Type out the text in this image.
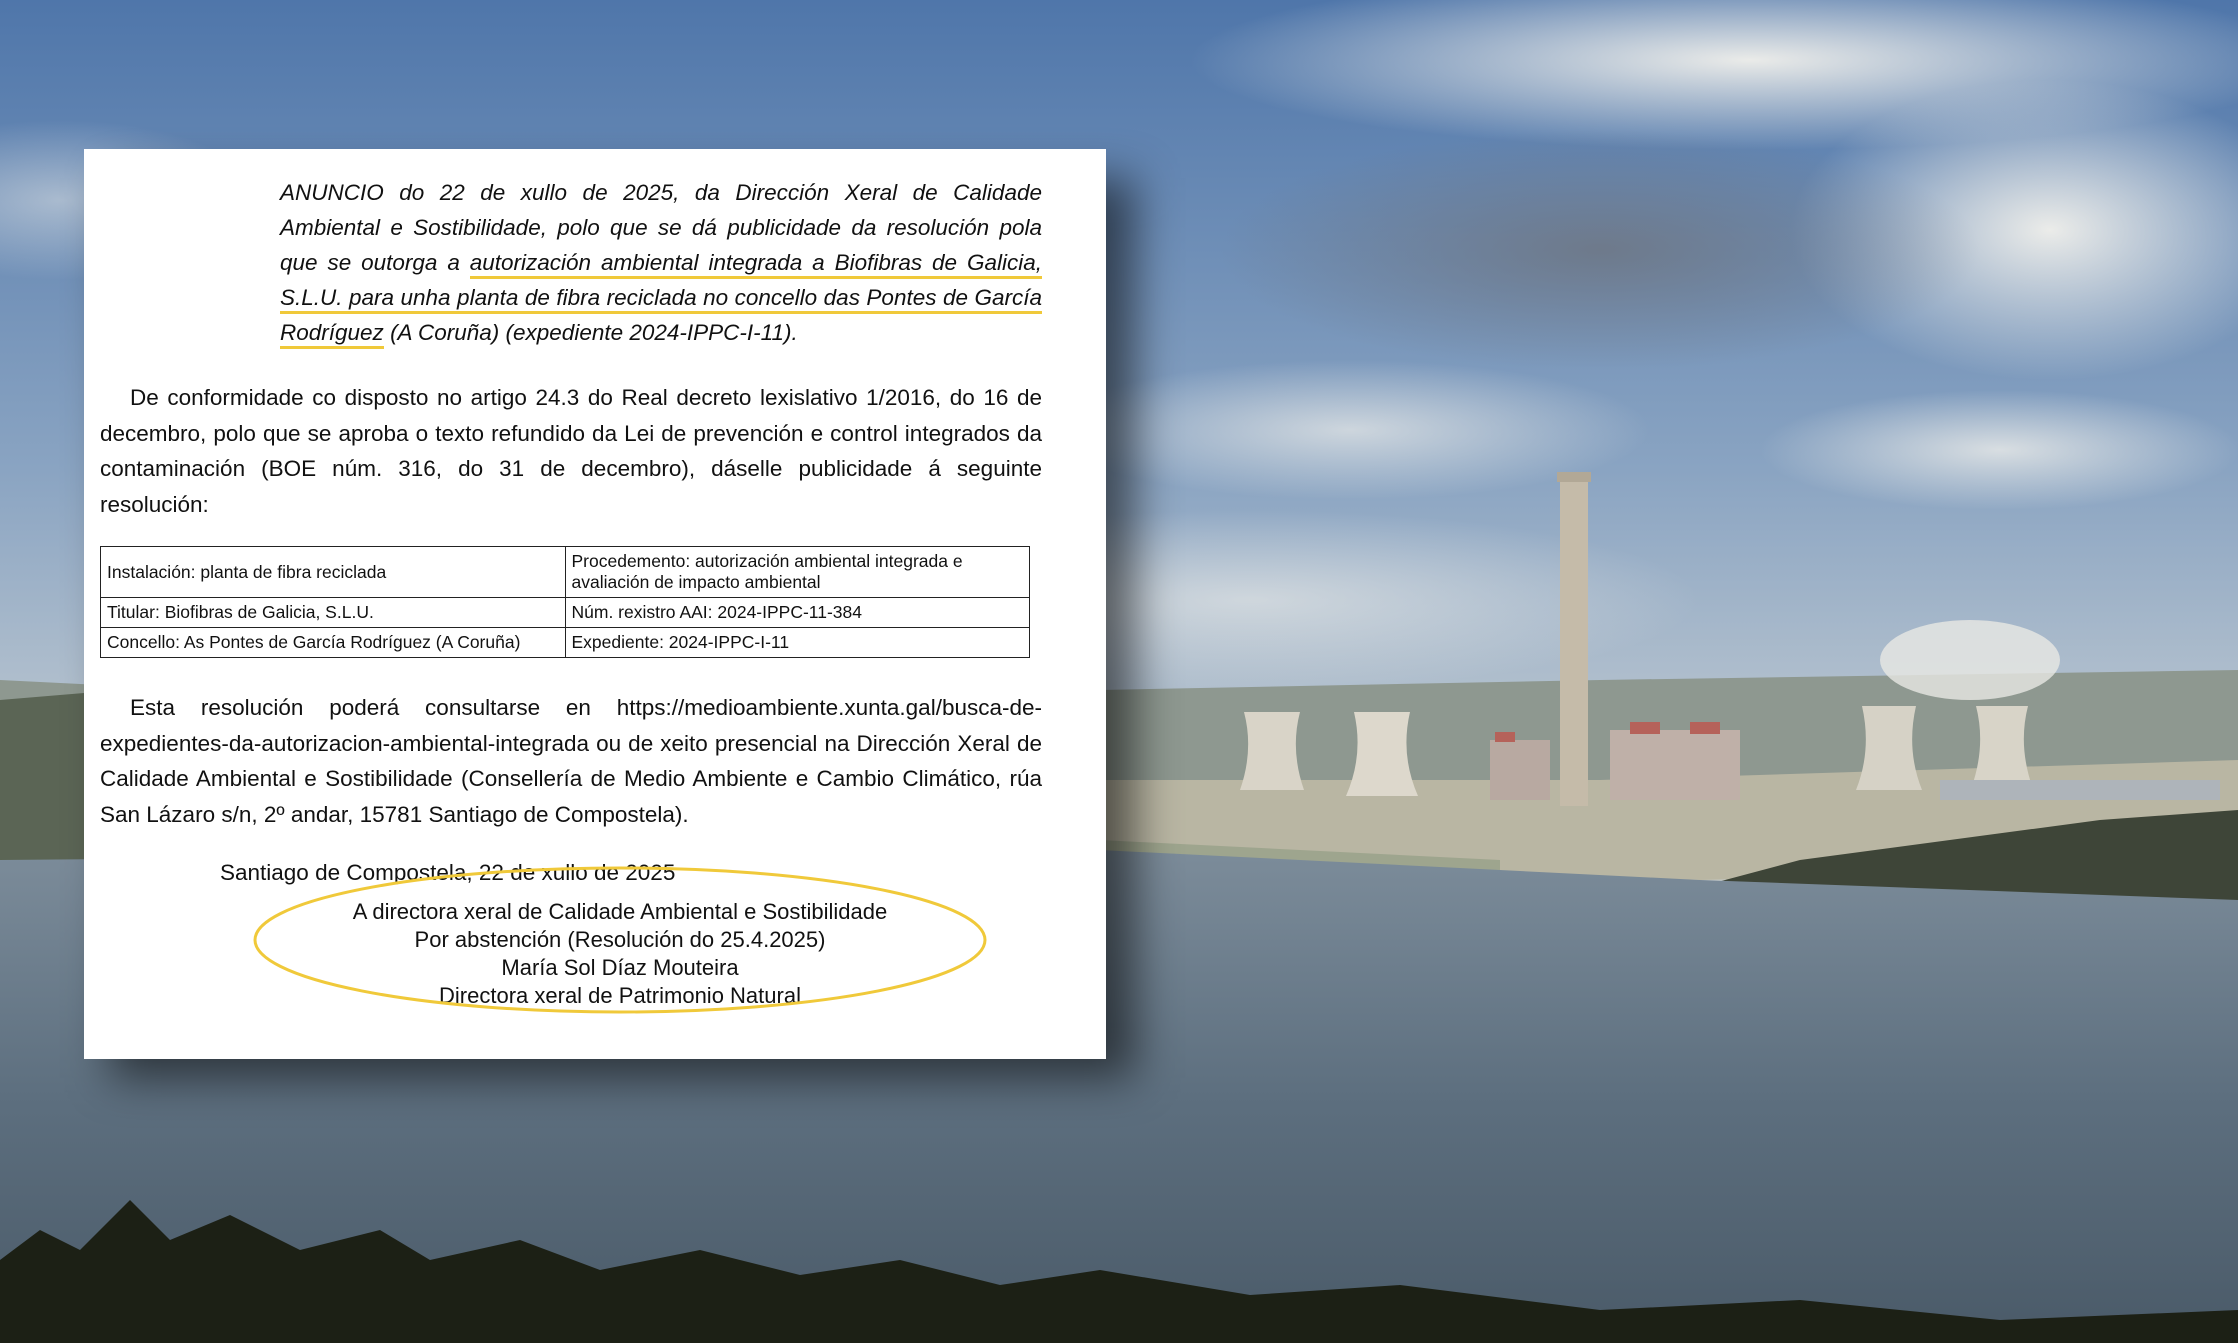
ANUNCIO do 22 de xullo de 2025, da Dirección Xeral de Calidade Ambiental e Sostibilidade, polo que se dá publicidade da resolución pola que se outorga a autorización ambiental integrada a Biofibras de Galicia, S.L.U. para unha planta de fibra reciclada no concello das Pontes de García Rodríguez (A Coruña) (expediente 2024-IPPC-I-11).

De conformidade co disposto no artigo 24.3 do Real decreto lexislativo 1/2016, do 16 de decembro, polo que se aproba o texto refundido da Lei de prevención e control integrados da contaminación (BOE núm. 316, do 31 de decembro), dáselle publicidade á seguinte resolución:

Instalación: planta de fibra reciclada	Procedemento: autorización ambiental integrada e avaliación de impacto ambiental
Titular: Biofibras de Galicia, S.L.U.	Núm. rexistro AAI: 2024-IPPC-11-384
Concello: As Pontes de García Rodríguez (A Coruña)	Expediente: 2024-IPPC-I-11

Esta resolución poderá consultarse en https://medioambiente.xunta.gal/busca-de-expedientes-da-autorizacion-ambiental-integrada ou de xeito presencial na Dirección Xeral de Calidade Ambiental e Sostibilidade (Consellería de Medio Ambiente e Cambio Climático, rúa San Lázaro s/n, 2º andar, 15781 Santiago de Compostela).

Santiago de Compostela, 22 de xullo de 2025
A directora xeral de Calidade Ambiental e Sostibilidade
Por abstención (Resolución do 25.4.2025)
María Sol Díaz Mouteira
Directora xeral de Patrimonio Natural
